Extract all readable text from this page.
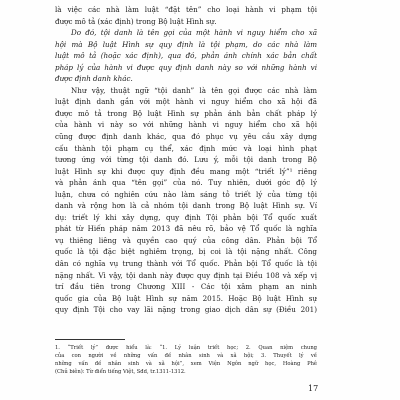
là việc các nhà làm luật “đặt tên” cho loại hành vi phạm tội
được mô tả (xác định) trong Bộ luật Hình sự.
Do đó, tội danh là tên gọi của một hành vi nguy hiểm cho xã
hội mà Bộ luật Hình sự quy định là tội phạm, do các nhà làm
luật mô tả (hoặc xác định), qua đó, phản ánh chính xác bản chất
pháp lý của hành vi được quy định danh này so với những hành vi
được định danh khác.
Như vậy, thuật ngữ “tội danh” là tên gọi được các nhà làm
luật định danh gắn với một hành vi nguy hiểm cho xã hội đã
được mô tả trong Bộ luật Hình sự phản ánh bản chất pháp lý
của hành vi này so với những hành vi nguy hiểm cho xã hội
cũng được định danh khác, qua đó phục vụ yêu cầu xây dựng
cấu thành tội phạm cụ thể, xác định mức và loại hình phạt
tương ứng với từng tội danh đó. Lưu ý, mỗi tội danh trong Bộ
luật Hình sự khi được quy định đều mang một “triết lý”¹ riêng
và phản ánh qua “tên gọi” của nó. Tuy nhiên, dưới góc độ lý
luận, chưa có nghiên cứu nào làm sáng tỏ triết lý của từng tội
danh và rộng hơn là cả nhóm tội danh trong Bộ luật Hình sự. Ví
dụ: triết lý khi xây dựng, quy định Tội phản bội Tổ quốc xuất
phát từ Hiến pháp năm 2013 đã nêu rõ, bảo vệ Tổ quốc là nghĩa
vụ thiêng liêng và quyền cao quý của công dân. Phản bội Tổ
quốc là tội đặc biệt nghiêm trọng, bị coi là tội nặng nhất. Công
dân có nghĩa vụ trung thành với Tổ quốc. Phản bội Tổ quốc là tội
nặng nhất. Vì vậy, tội danh này được quy định tại Điều 108 và xếp vị
trí đầu tiên trong Chương XIII - Các tội xâm phạm an ninh
quốc gia của Bộ luật Hình sự năm 2015. Hoặc Bộ luật Hình sự
quy định Tội cho vay lãi nặng trong giao dịch dân sự (Điều 201)
1. “Triết lý” được hiểu là: “1. Lý luận triết học; 2. Quan niệm chung
của con người về những vấn đề nhân sinh và xã hội; 3. Thuyết lý về
những vấn đề nhân sinh và xã hội”, xem Viện Ngôn ngữ học, Hoàng Phê
(Chủ biên): Từ điển tiếng Việt, Sđd, tr.1311-1312.
17
